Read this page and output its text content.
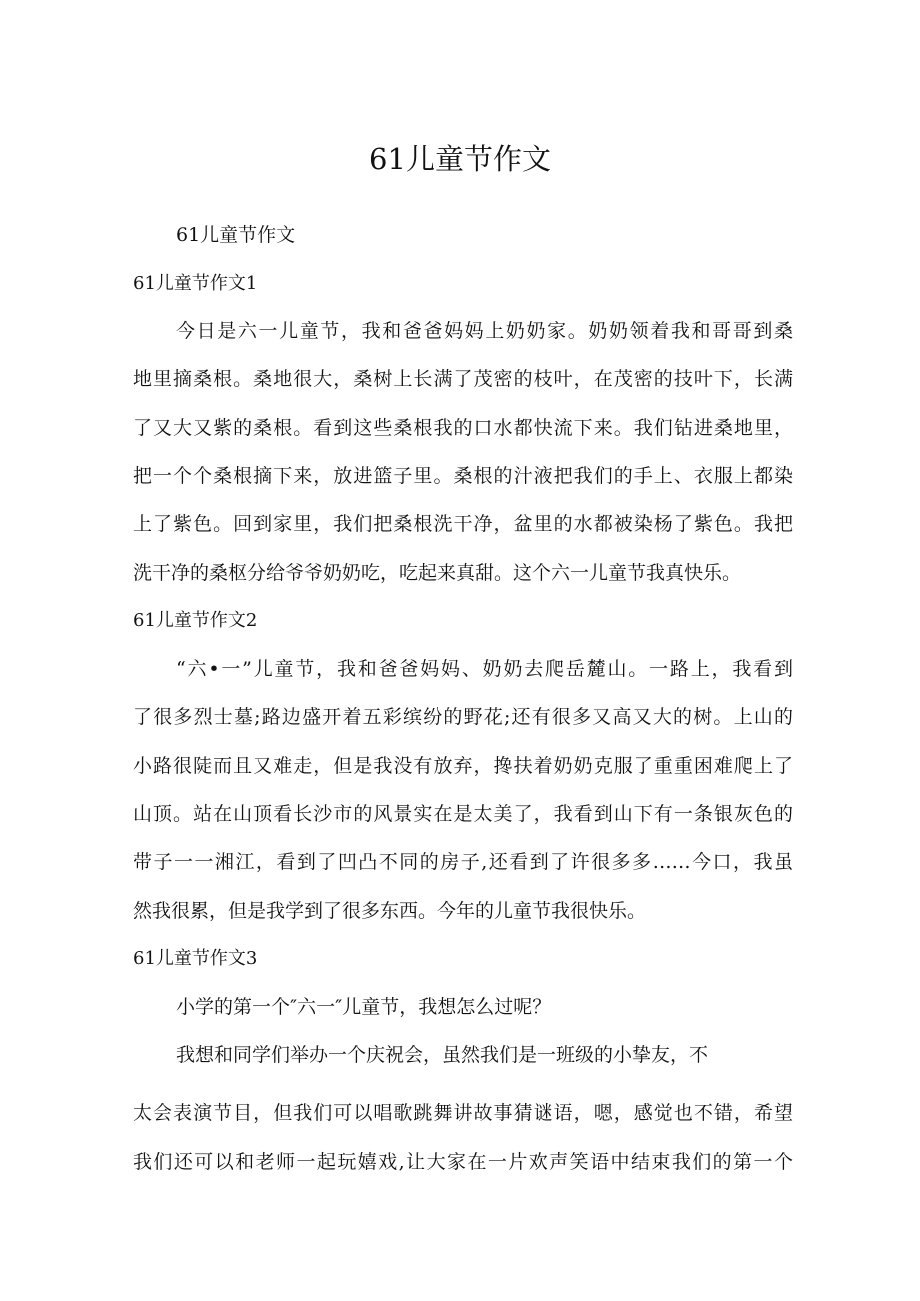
61儿童节作文
61儿童节作文
61儿童节作文1
今日是六一儿童节，我和爸爸妈妈上奶奶家。奶奶领着我和哥哥到桑
地里摘桑根。桑地很大，桑树上长满了茂密的枝叶，在茂密的技叶下，长满
了又大又紫的桑根。看到这些桑根我的口水都快流下来。我们钻进桑地里，
把一个个桑根摘下来，放进篮子里。桑根的汁液把我们的手上、衣服上都染
上了紫色。回到家里，我们把桑根洗干净，盆里的水都被染杨了紫色。我把
洗干净的桑枢分给爷爷奶奶吃，吃起来真甜。这个六一儿童节我真快乐。
61儿童节作文2
“六•一”儿童节，我和爸爸妈妈、奶奶去爬岳麓山。一路上，我看到
了很多烈士墓;路边盛开着五彩缤纷的野花;还有很多又高又大的树。上山的
小路很陡而且又难走，但是我没有放弃，搀扶着奶奶克服了重重困难爬上了
山顶。站在山顶看长沙市的风景实在是太美了，我看到山下有一条银灰色的
带子一一湘江，看到了凹凸不同的房子,还看到了许很多多……今口，我虽
然我很累，但是我学到了很多东西。今年的儿童节我很快乐。
61儿童节作文3
小学的第一个″六一″儿童节，我想怎么过呢？
我想和同学们举办一个庆祝会，虽然我们是一班级的小挚友，不
太会表演节目，但我们可以唱歌跳舞讲故事猜谜语，嗯，感觉也不错，希望
我们还可以和老师一起玩嬉戏,让大家在一片欢声笑语中结束我们的第一个
